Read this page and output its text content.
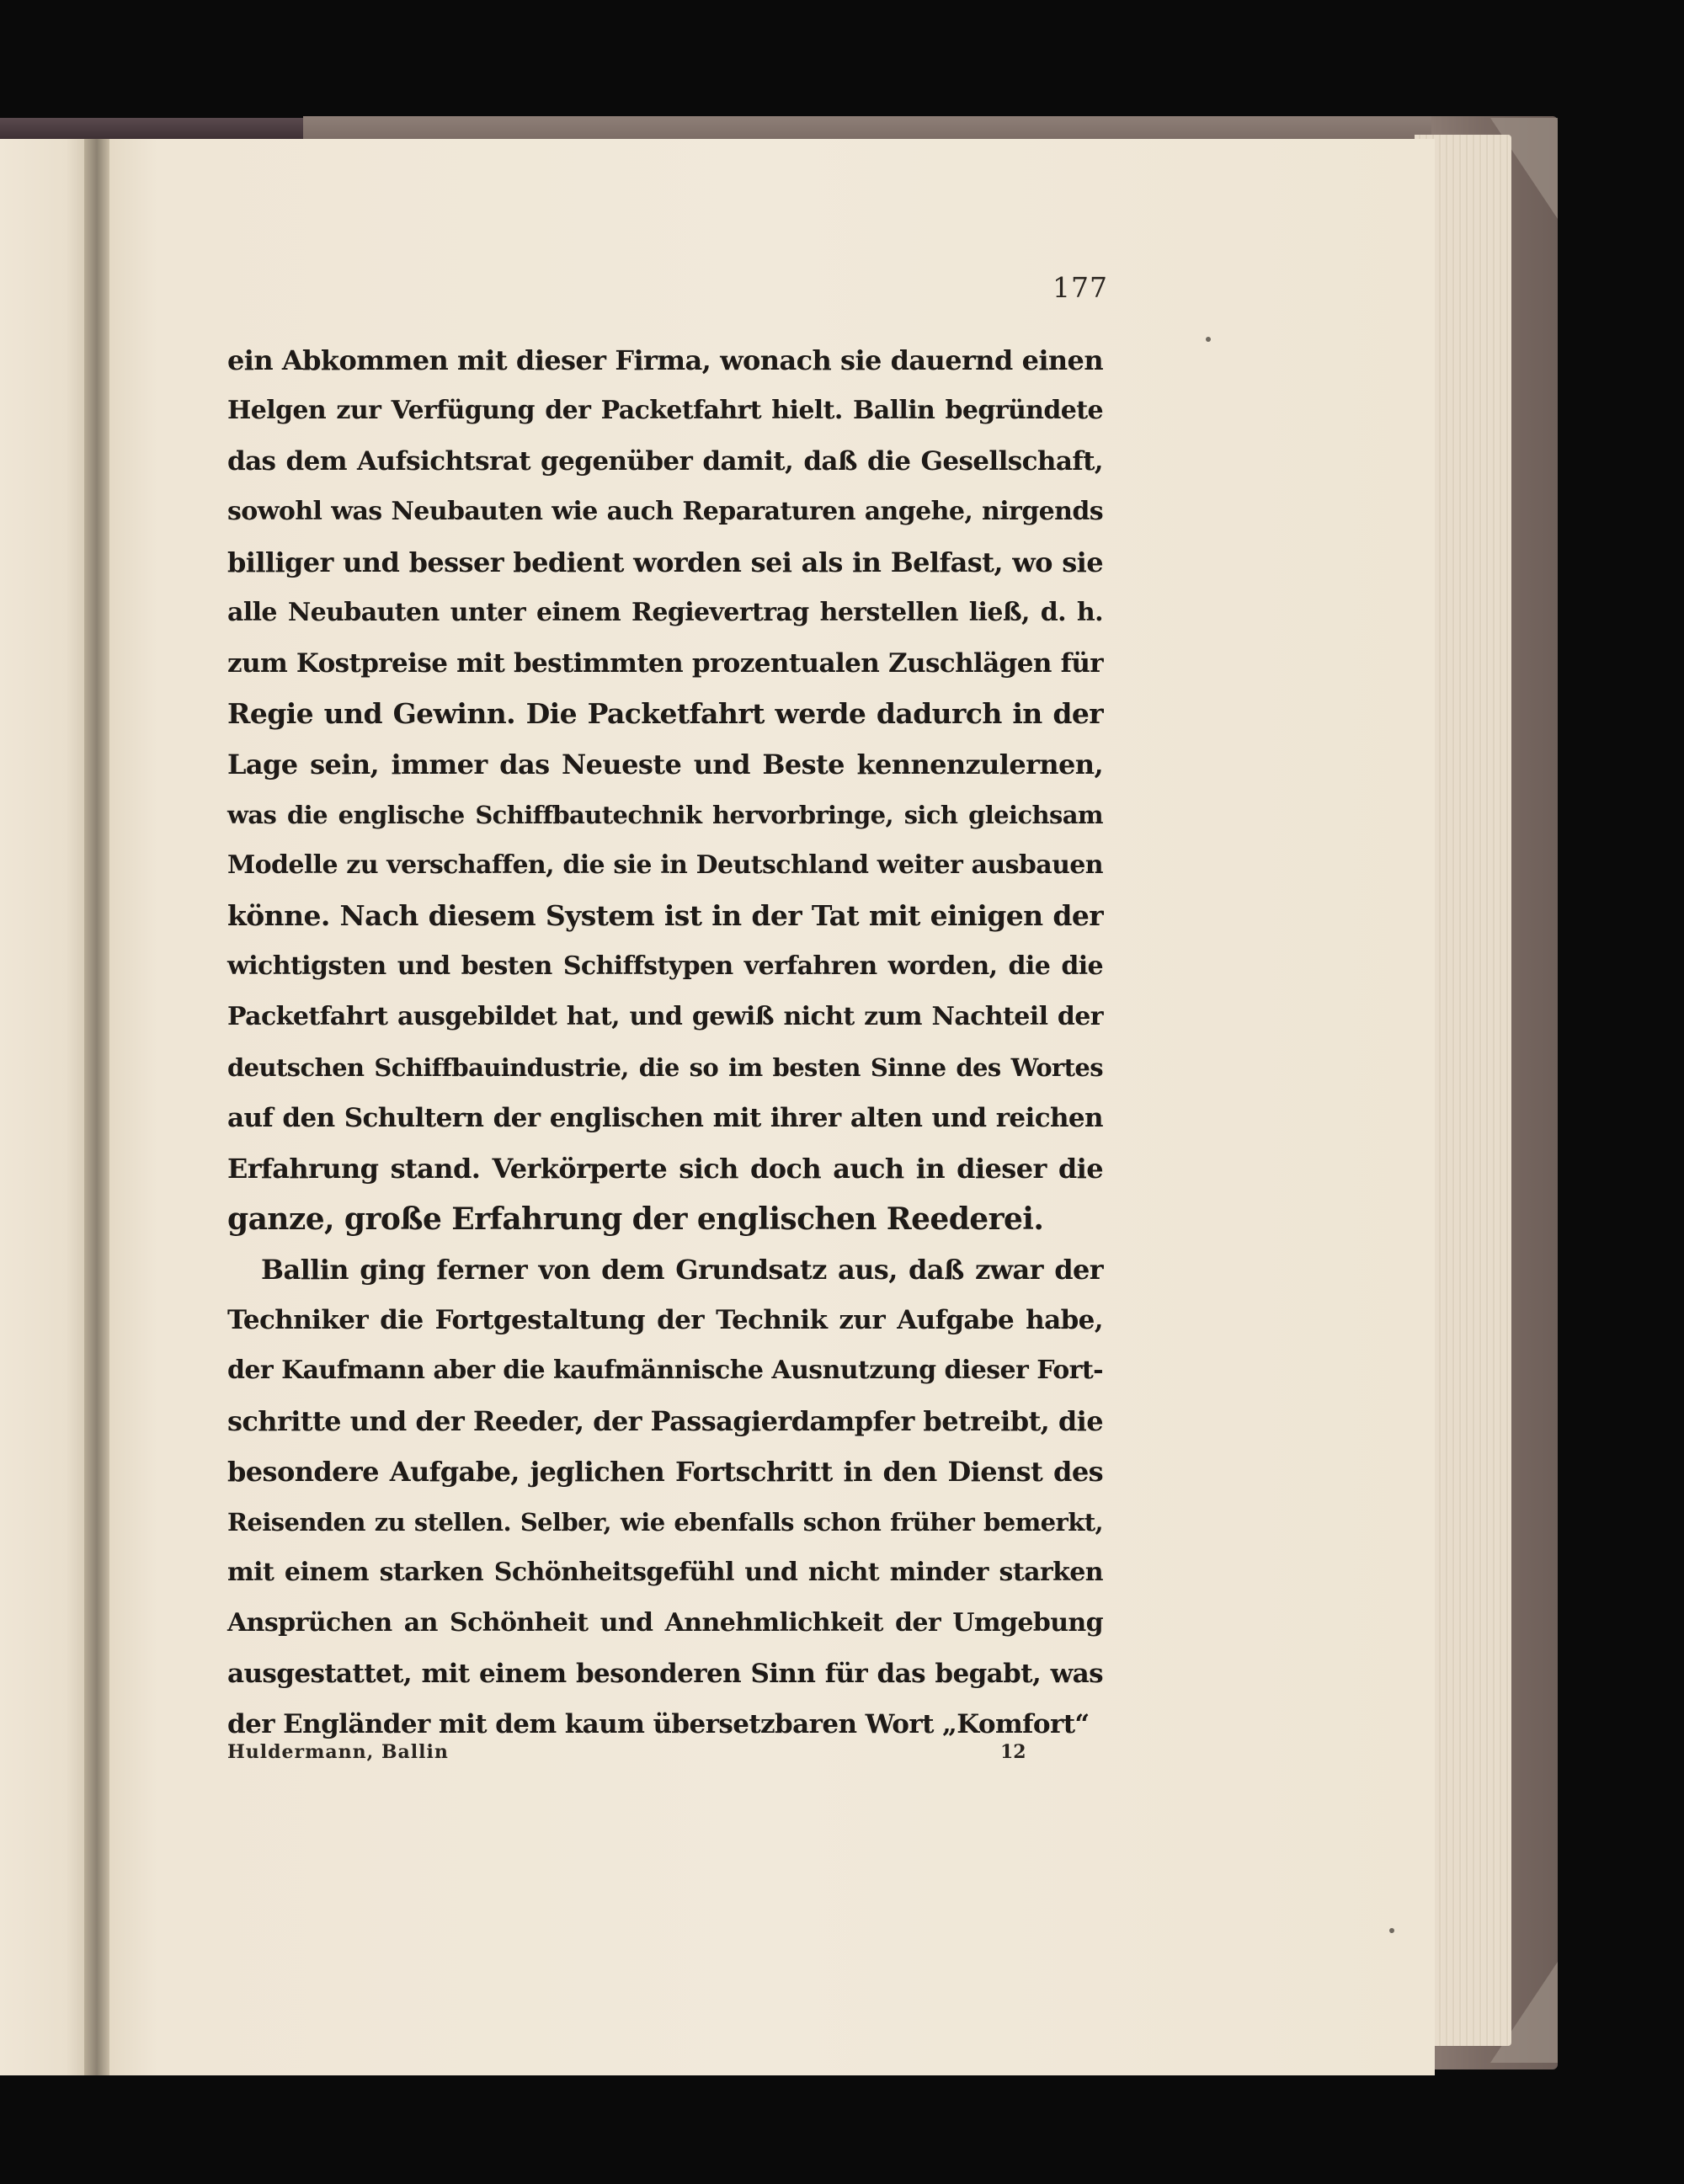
177
ein Abkommen mit dieser Firma, wonach sie dauernd einen
Helgen zur Verfügung der Packetfahrt hielt. Ballin begründete
das dem Aufsichtsrat gegenüber damit, daß die Gesellschaft,
sowohl was Neubauten wie auch Reparaturen angehe, nirgends
billiger und besser bedient worden sei als in Belfast, wo sie
alle Neubauten unter einem Regievertrag herstellen ließ, d. h.
zum Kostpreise mit bestimmten prozentualen Zuschlägen für
Regie und Gewinn. Die Packetfahrt werde dadurch in der
Lage sein, immer das Neueste und Beste kennenzulernen,
was die englische Schiffbautechnik hervorbringe, sich gleichsam
Modelle zu verschaffen, die sie in Deutschland weiter ausbauen
könne. Nach diesem System ist in der Tat mit einigen der
wichtigsten und besten Schiffstypen verfahren worden, die die
Packetfahrt ausgebildet hat, und gewiß nicht zum Nachteil der
deutschen Schiffbauindustrie, die so im besten Sinne des Wortes
auf den Schultern der englischen mit ihrer alten und reichen
Erfahrung stand. Verkörperte sich doch auch in dieser die
ganze, große Erfahrung der englischen Reederei.
Ballin ging ferner von dem Grundsatz aus, daß zwar der
Techniker die Fortgestaltung der Technik zur Aufgabe habe,
der Kaufmann aber die kaufmännische Ausnutzung dieser Fort-
schritte und der Reeder, der Passagierdampfer betreibt, die
besondere Aufgabe, jeglichen Fortschritt in den Dienst des
Reisenden zu stellen. Selber, wie ebenfalls schon früher bemerkt,
mit einem starken Schönheitsgefühl und nicht minder starken
Ansprüchen an Schönheit und Annehmlichkeit der Umgebung
ausgestattet, mit einem besonderen Sinn für das begabt, was
der Engländer mit dem kaum übersetzbaren Wort „Komfort“
Huldermann, Ballin	12
